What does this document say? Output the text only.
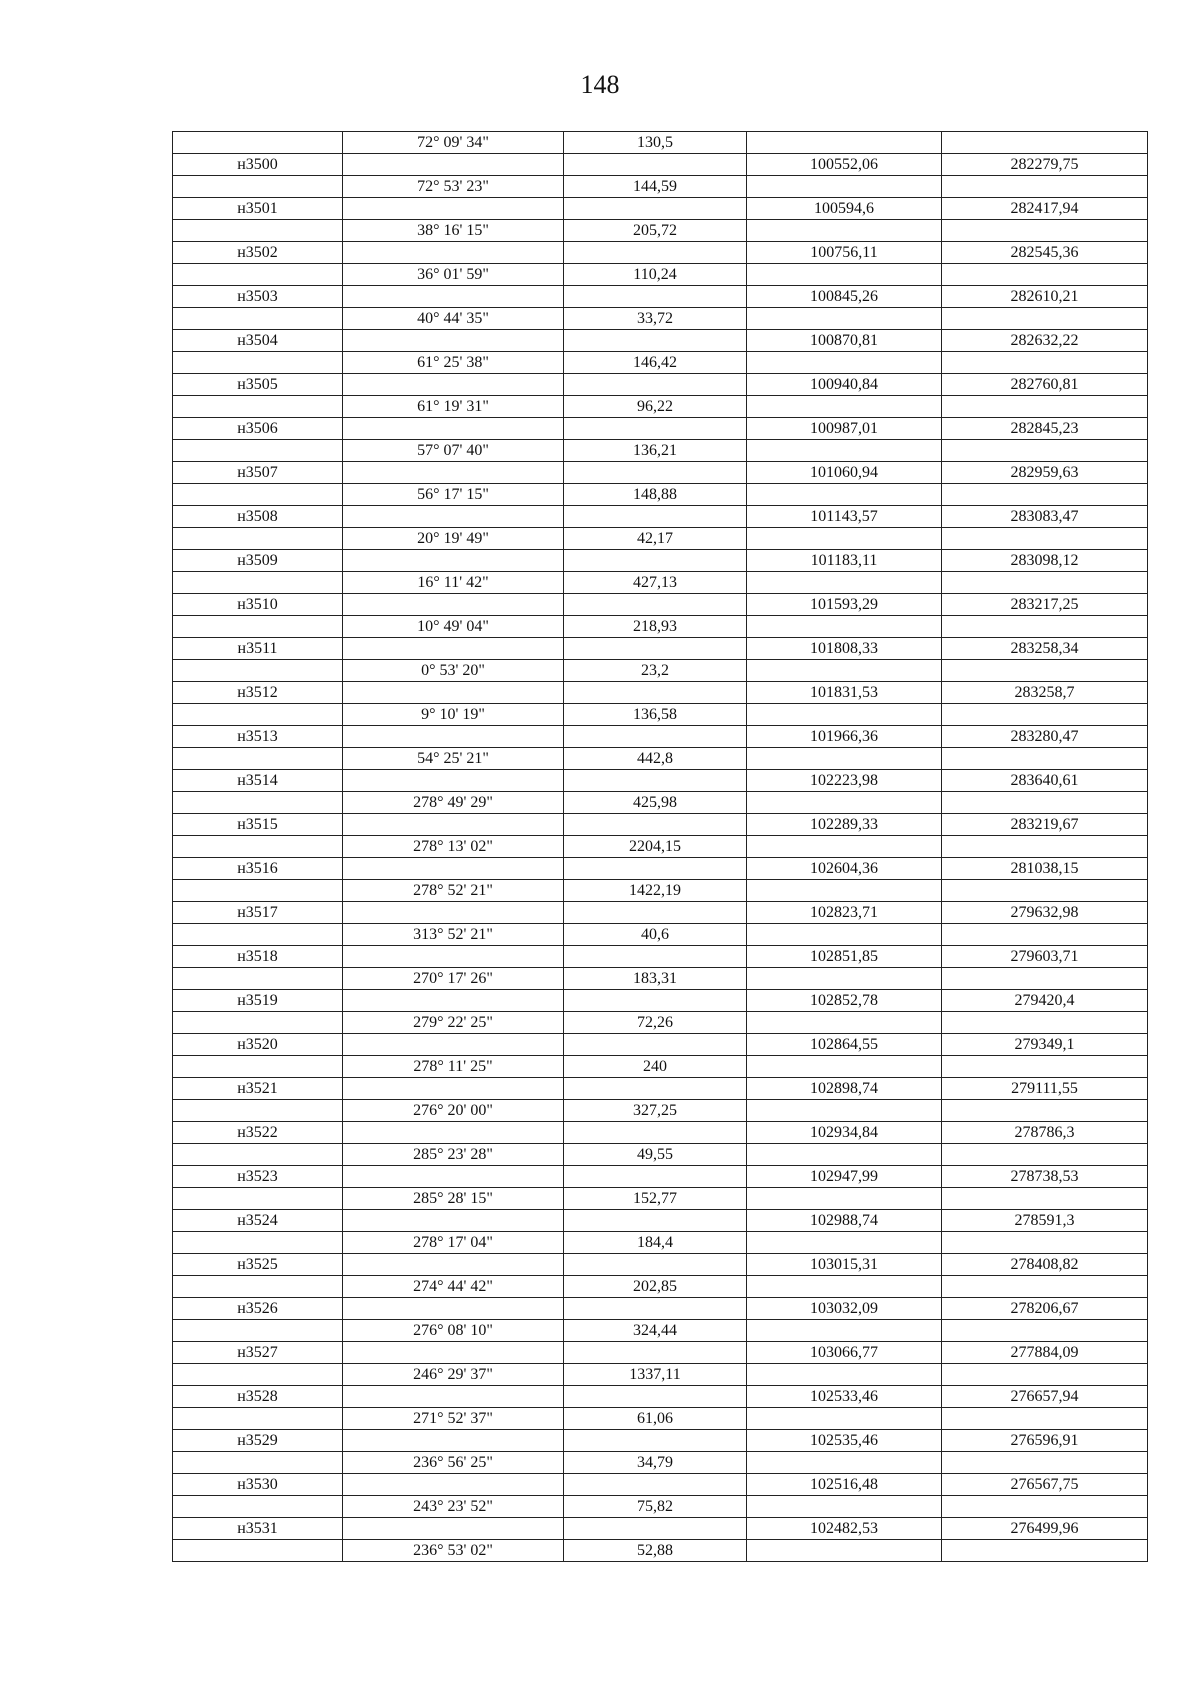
148
	72° 09' 34"	130,5		
н3500			100552,06	282279,75
	72° 53' 23"	144,59		
н3501			100594,6	282417,94
	38° 16' 15"	205,72		
н3502			100756,11	282545,36
	36° 01' 59"	110,24		
н3503			100845,26	282610,21
	40° 44' 35"	33,72		
н3504			100870,81	282632,22
	61° 25' 38"	146,42		
н3505			100940,84	282760,81
	61° 19' 31"	96,22		
н3506			100987,01	282845,23
	57° 07' 40"	136,21		
н3507			101060,94	282959,63
	56° 17' 15"	148,88		
н3508			101143,57	283083,47
	20° 19' 49"	42,17		
н3509			101183,11	283098,12
	16° 11' 42"	427,13		
н3510			101593,29	283217,25
	10° 49' 04"	218,93		
н3511			101808,33	283258,34
	0° 53' 20"	23,2		
н3512			101831,53	283258,7
	9° 10' 19"	136,58		
н3513			101966,36	283280,47
	54° 25' 21"	442,8		
н3514			102223,98	283640,61
	278° 49' 29"	425,98		
н3515			102289,33	283219,67
	278° 13' 02"	2204,15		
н3516			102604,36	281038,15
	278° 52' 21"	1422,19		
н3517			102823,71	279632,98
	313° 52' 21"	40,6		
н3518			102851,85	279603,71
	270° 17' 26"	183,31		
н3519			102852,78	279420,4
	279° 22' 25"	72,26		
н3520			102864,55	279349,1
	278° 11' 25"	240		
н3521			102898,74	279111,55
	276° 20' 00"	327,25		
н3522			102934,84	278786,3
	285° 23' 28"	49,55		
н3523			102947,99	278738,53
	285° 28' 15"	152,77		
н3524			102988,74	278591,3
	278° 17' 04"	184,4		
н3525			103015,31	278408,82
	274° 44' 42"	202,85		
н3526			103032,09	278206,67
	276° 08' 10"	324,44		
н3527			103066,77	277884,09
	246° 29' 37"	1337,11		
н3528			102533,46	276657,94
	271° 52' 37"	61,06		
н3529			102535,46	276596,91
	236° 56' 25"	34,79		
н3530			102516,48	276567,75
	243° 23' 52"	75,82		
н3531			102482,53	276499,96
	236° 53' 02"	52,88		
